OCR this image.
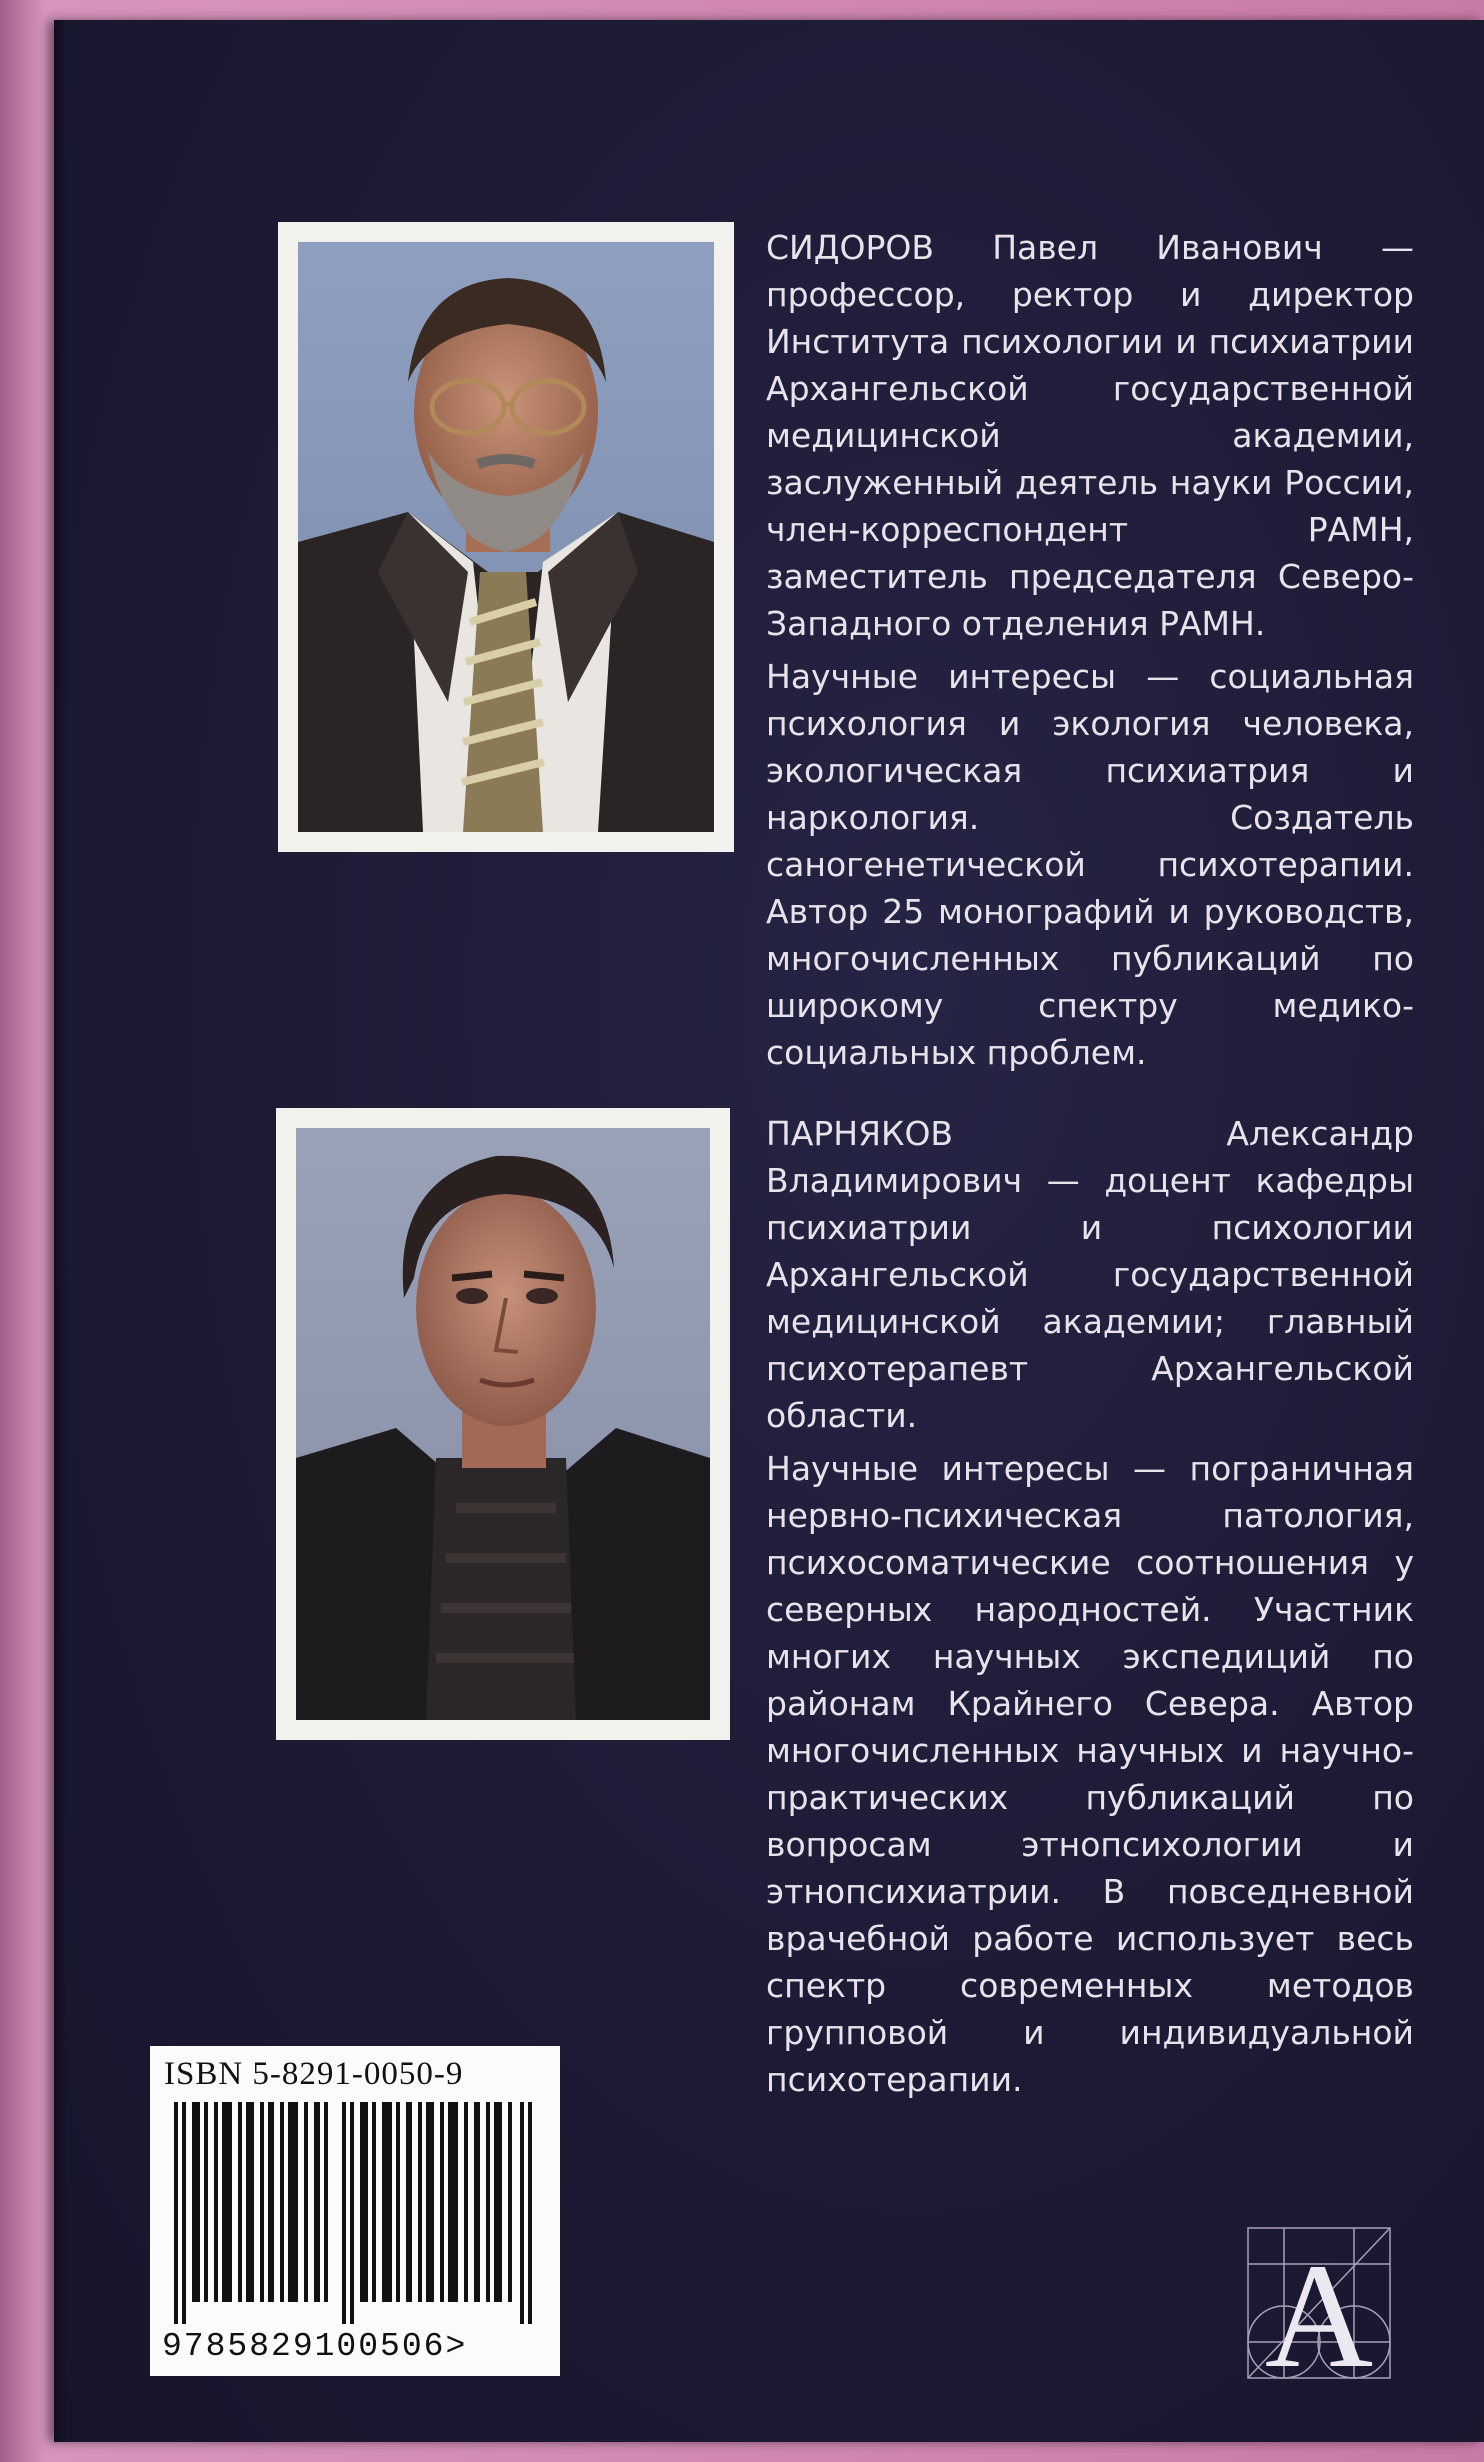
СИДОРОВ Павел Иванович — профессор, ректор и директор Института психологии и психиатрии Архангельской государственной медицинской академии, заслуженный деятель науки России, член-корреспондент РАМН, заместитель председателя Северо-Западного отделения РАМН.

Научные интересы — социальная психология и экология человека, экологическая психиатрия и наркология. Создатель саногенетической психотерапии. Автор 25 монографий и руководств, многочисленных публикаций по широкому спектру медико-социальных проблем.

ПАРНЯКОВ Александр Владимирович — доцент кафедры психиатрии и психологии Архангельской государственной медицинской академии; главный психотерапевт Архангельской области.

Научные интересы — пограничная нервно-психическая патология, психосоматические соотношения у северных народностей. Участник многих научных экспедиций по районам Крайнего Севера. Автор многочисленных научных и научно-практических публикаций по вопросам этнопсихологии и этнопсихиатрии. В повседневной врачебной работе использует весь спектр современных методов групповой и индивидуальной психотерапии.

ISBN 5-8291-0050-9
9785829100506>	A
